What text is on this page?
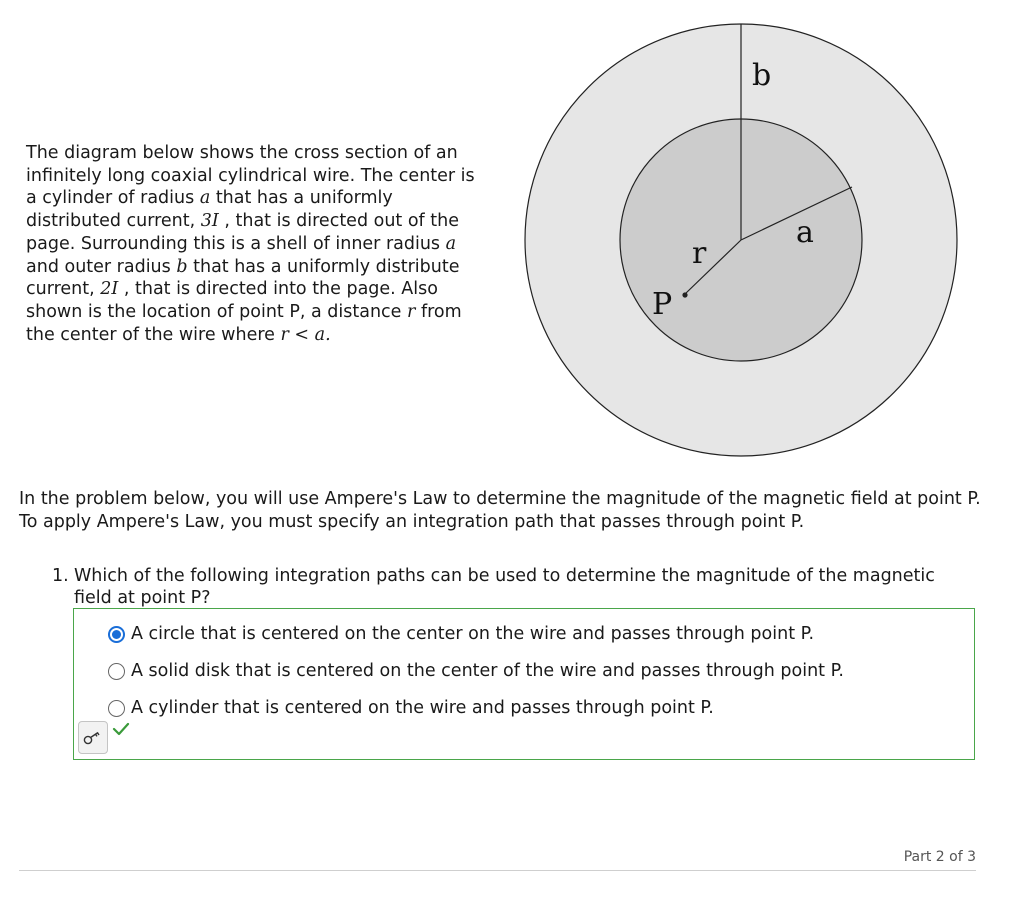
The diagram below shows the cross section of an infinitely long coaxial cylindrical wire. The center is a cylinder of radius a that has a uniformly distributed current, 3I , that is directed out of the page. Surrounding this is a shell of inner radius a and outer radius b that has a uniformly distribute current, 2I , that is directed into the page. Also shown is the location of point P, a distance r from the center of the wire where r < a.
b
a
r
P
In the problem below, you will use Ampere's Law to determine the magnitude of the magnetic field at point P. To apply Ampere's Law, you must specify an integration path that passes through point P.
1. Which of the following integration paths can be used to determine the magnitude of the magnetic
field at point P?
A circle that is centered on the center on the wire and passes through point P.
A solid disk that is centered on the center of the wire and passes through point P.
A cylinder that is centered on the wire and passes through point P.
Part 2 of 3
